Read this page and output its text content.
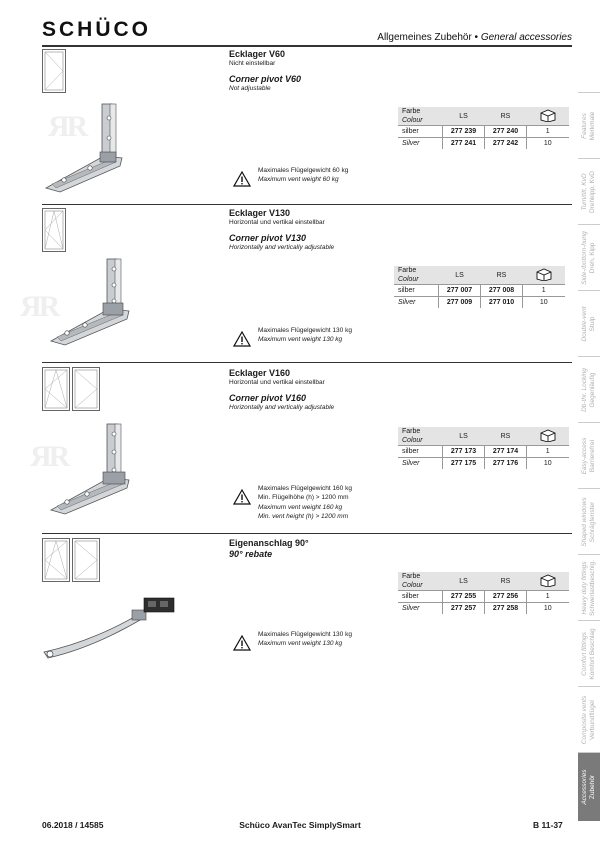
SCHÜCO	Allgemeines Zubehör • General accessories
Ecklager V60
Nicht einstellbar
Corner pivot V60
Not adjustable
ЯR	Farbe
Colour	LS	RS	
silber	277 239	277 240	1
Silver	277 241	277 242	10
Maximales Flügelgewicht 60 kg
Maximum vent weight 60 kg
Ecklager V130
Horizontal und vertikal einstellbar
Corner pivot V130
Horizontally and vertically adjustable
ЯR
Farbe
Colour	LS	RS	
silber	277 007	277 008	1
Silver	277 009	277 010	10
Maximales Flügelgewicht 130 kg
Maximum vent weight 130 kg
Ecklager V160
Horizontal und vertikal einstellbar
Corner pivot V160
Horizontally and vertically adjustable
ЯR
Farbe
Colour	LS	RS	
silber	277 173	277 174	1
Silver	277 175	277 176	10
Maximales Flügelgewicht 160 kg
Min. Flügelhöhe (h) > 1200 mm
Maximum vent weight 160 kg
Min. vent height (h) > 1200 mm
Eigenanschlag 90°
90° rebate
Farbe
Colour	LS	RS	
silber	277 255	277 256	1
Silver	277 257	277 258	10
Maximales Flügelgewicht 130 kg
Maximum vent weight 130 kg
Features
Merkmale
Turn/tilt, KvD
Drehkipp, KvD
Side-/bottom-hung
Dreh, Kipp
Double-vent
Stulp
Db-thr. Locking
Gegenläufig
Easy-access
Barrierefrei
Shaped windows
Schrägfenster
Heavy duty fittings
Schwerlastbeschlg.
Comfort fittings
Komfort Beschlag
Composite vents
Verbundflügel
Accessories
Zubehör
06.2018 / 14585	Schüco AvanTec SimplySmart	B 11-37
